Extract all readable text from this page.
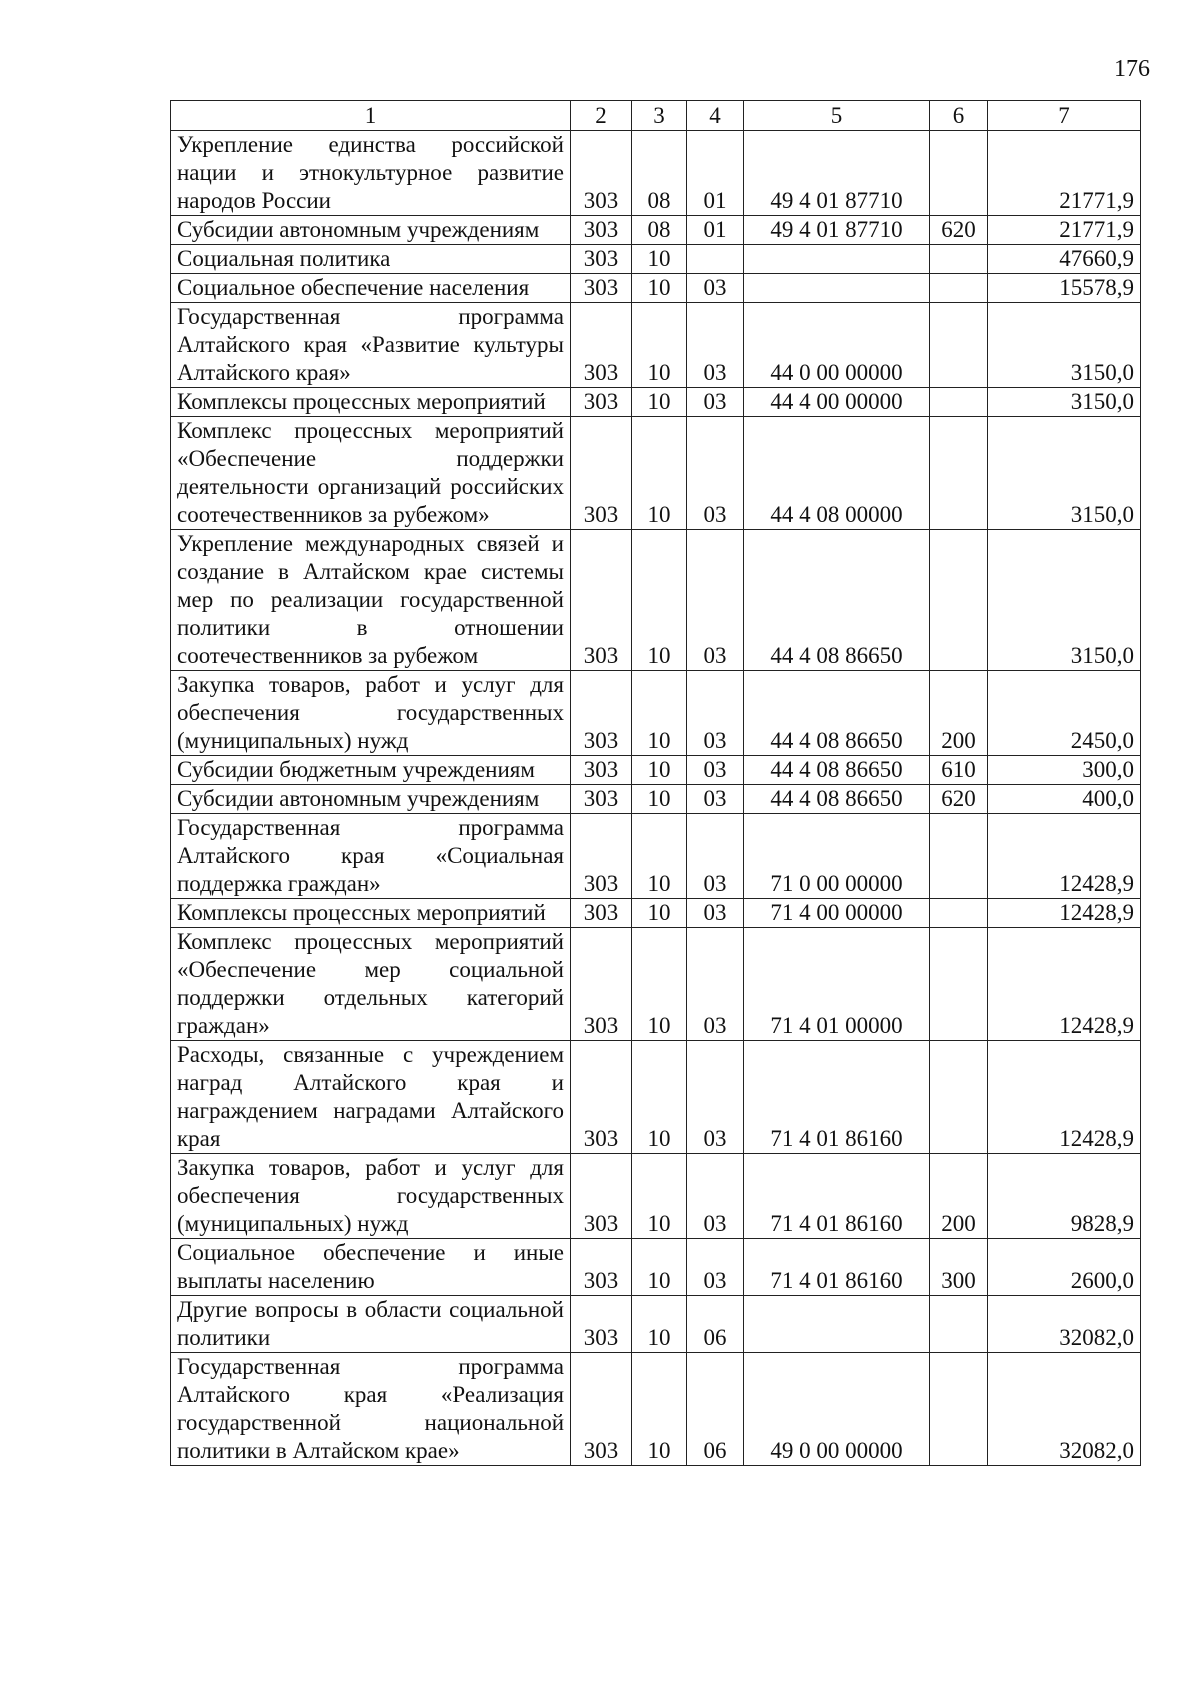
176
1	2	3	4	5	6	7
Укрепление единства российской нации и этнокультурное развитие народов России	303	08	01	49 4 01 87710		21771,9
Субсидии автономным учреждениям	303	08	01	49 4 01 87710	620	21771,9
Социальная политика	303	10				47660,9
Социальное обеспечение населения	303	10	03			15578,9
Государственная программа Алтайского края «Развитие культуры Алтайского края»	303	10	03	44 0 00 00000		3150,0
Комплексы процессных мероприятий	303	10	03	44 4 00 00000		3150,0
Комплекс процессных мероприятий «Обеспечение поддержки деятельности организаций российских соотечественников за рубежом»	303	10	03	44 4 08 00000		3150,0
Укрепление международных связей и создание в Алтайском крае системы мер по реализации государственной политики в отношении соотечественников за рубежом	303	10	03	44 4 08 86650		3150,0
Закупка товаров, работ и услуг для обеспечения государственных (муниципальных) нужд	303	10	03	44 4 08 86650	200	2450,0
Субсидии бюджетным учреждениям	303	10	03	44 4 08 86650	610	300,0
Субсидии автономным учреждениям	303	10	03	44 4 08 86650	620	400,0
Государственная программа Алтайского края «Социальная поддержка граждан»	303	10	03	71 0 00 00000		12428,9
Комплексы процессных мероприятий	303	10	03	71 4 00 00000		12428,9
Комплекс процессных мероприятий «Обеспечение мер социальной поддержки отдельных категорий граждан»	303	10	03	71 4 01 00000		12428,9
Расходы, связанные с учреждением наград Алтайского края и награждением наградами Алтайского края	303	10	03	71 4 01 86160		12428,9
Закупка товаров, работ и услуг для обеспечения государственных (муниципальных) нужд	303	10	03	71 4 01 86160	200	9828,9
Социальное обеспечение и иные выплаты населению	303	10	03	71 4 01 86160	300	2600,0
Другие вопросы в области социальной политики	303	10	06			32082,0
Государственная программа Алтайского края «Реализация государственной национальной политики в Алтайском крае»	303	10	06	49 0 00 00000		32082,0
